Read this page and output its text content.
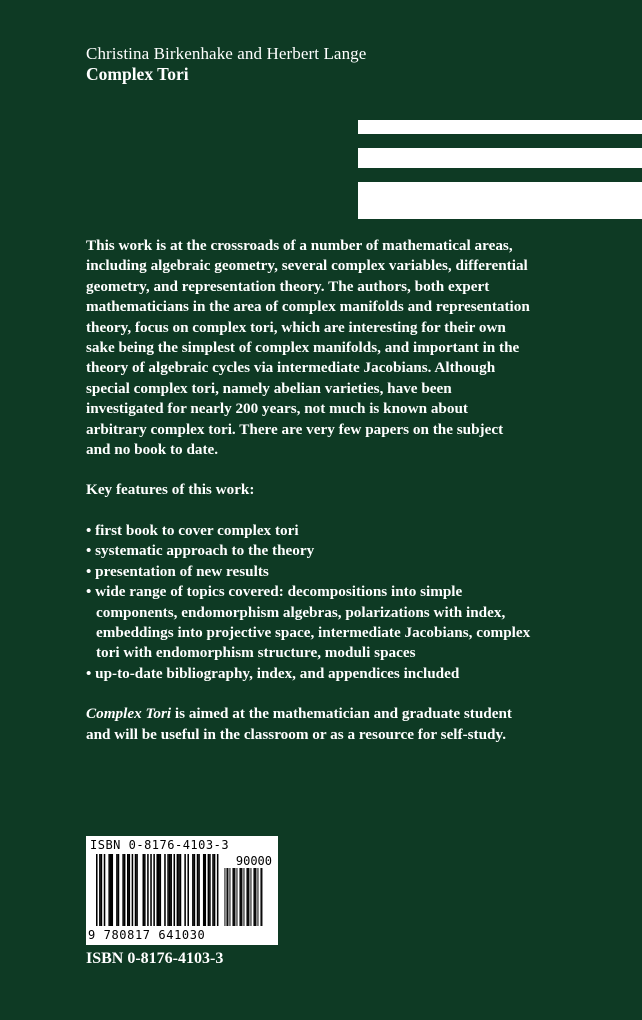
Christina Birkenhake and Herbert Lange
Complex Tori
This work is at the crossroads of a number of mathematical areas,
including algebraic geometry, several complex variables, differential
geometry, and representation theory. The authors, both expert
mathematicians in the area of complex manifolds and representation
theory, focus on complex tori, which are interesting for their own
sake being the simplest of complex manifolds, and important in the
theory of algebraic cycles via intermediate Jacobians. Although
special complex tori, namely abelian varieties, have been
investigated for nearly 200 years, not much is known about
arbitrary complex tori. There are very few papers on the subject
and no book to date.
Key features of this work:
• first book to cover complex tori
• systematic approach to the theory
• presentation of new results
• wide range of topics covered: decompositions into simple
components, endomorphism algebras, polarizations with index,
embeddings into projective space, intermediate Jacobians, complex
tori with endomorphism structure, moduli spaces
• up-to-date bibliography, index, and appendices included
Complex Tori is aimed at the mathematician and graduate student
and will be useful in the classroom or as a resource for self-study.
ISBN 0-8176-4103-3
90000
9 780817 641030
ISBN 0-8176-4103-3
